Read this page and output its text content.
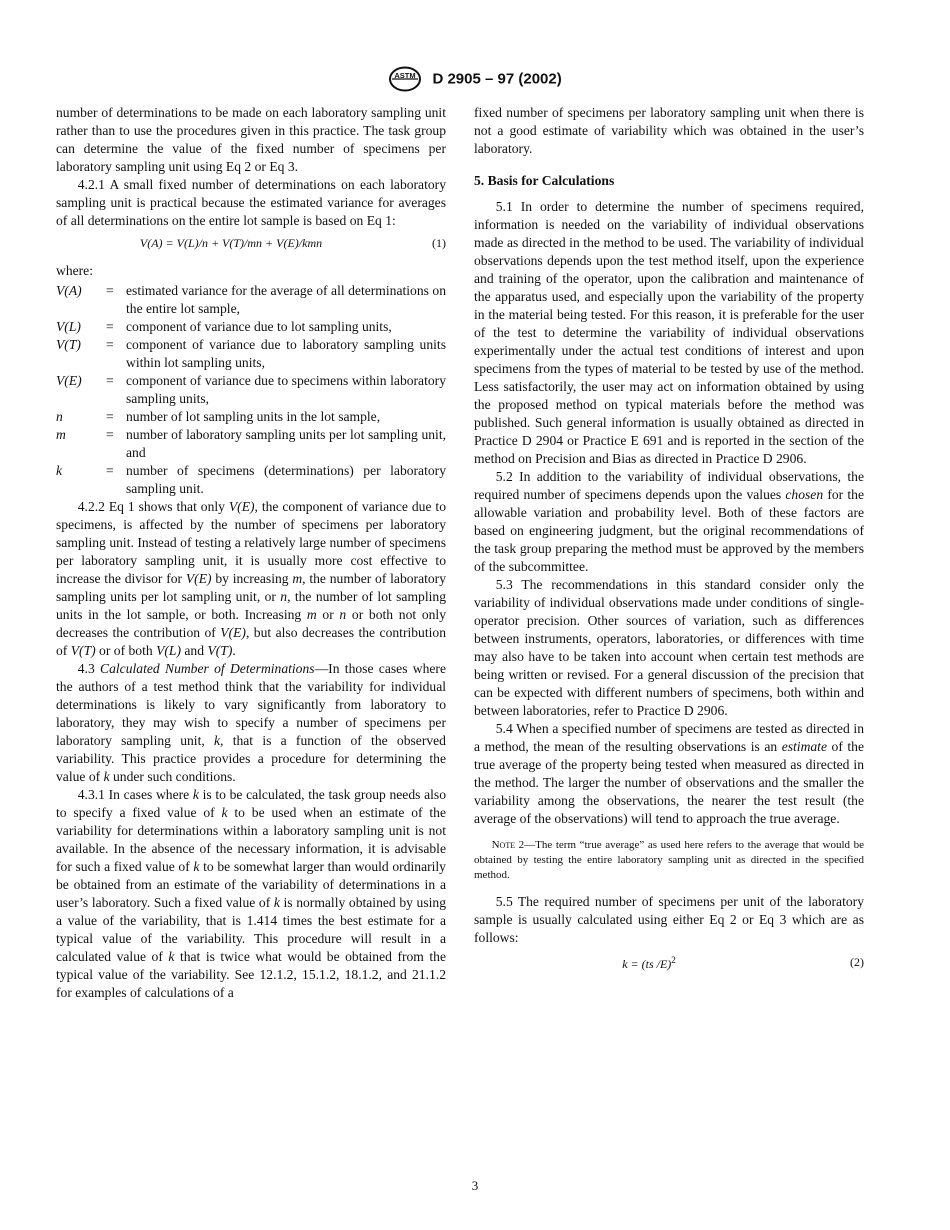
ASTM D 2905 – 97 (2002)

number of determinations to be made on each laboratory sampling unit rather than to use the procedures given in this practice. The task group can determine the value of the fixed number of specimens per laboratory sampling unit using Eq 2 or Eq 3.

4.2.1 A small fixed number of determinations on each laboratory sampling unit is practical because the estimated variance for averages of all determinations on the entire lot sample is based on Eq 1:

V(A) = V(L)/n + V(T)/mn + V(E)/kmn	(1)

where:

V(A)	=	estimated variance for the average of all determinations on the entire lot sample,
V(L)	=	component of variance due to lot sampling units,
V(T)	=	component of variance due to laboratory sampling units within lot sampling units,
V(E)	=	component of variance due to specimens within laboratory sampling units,
n	=	number of lot sampling units in the lot sample,
m	=	number of laboratory sampling units per lot sampling unit, and
k	=	number of specimens (determinations) per laboratory sampling unit.

4.2.2 Eq 1 shows that only V(E), the component of variance due to specimens, is affected by the number of specimens per laboratory sampling unit. Instead of testing a relatively large number of specimens per laboratory sampling unit, it is usually more cost effective to increase the divisor for V(E) by increasing m, the number of laboratory sampling units per lot sampling unit, or n, the number of lot sampling units in the lot sample, or both. Increasing m or n or both not only decreases the contribution of V(E), but also decreases the contribution of V(T) or of both V(L) and V(T).

4.3 Calculated Number of Determinations—In those cases where the authors of a test method think that the variability for individual determinations is likely to vary significantly from laboratory to laboratory, they may wish to specify a number of specimens per laboratory sampling unit, k, that is a function of the observed variability. This practice provides a procedure for determining the value of k under such conditions.

4.3.1 In cases where k is to be calculated, the task group needs also to specify a fixed value of k to be used when an estimate of the variability for determinations within a laboratory sampling unit is not available. In the absence of the necessary information, it is advisable for such a fixed value of k to be somewhat larger than would ordinarily be obtained from an estimate of the variability of determinations in a user’s laboratory. Such a fixed value of k is normally obtained by using a value of the variability, that is 1.414 times the best estimate for a typical value of the variability. This procedure will result in a calculated value of k that is twice what would be obtained from the typical value of the variability. See 12.1.2, 15.1.2, 18.1.2, and 21.1.2 for examples of calculations of a

fixed number of specimens per laboratory sampling unit when there is not a good estimate of variability which was obtained in the user’s laboratory.

5. Basis for Calculations

5.1 In order to determine the number of specimens required, information is needed on the variability of individual observations made as directed in the method to be used. The variability of individual observations depends upon the test method itself, upon the experience and training of the operator, upon the calibration and maintenance of the apparatus used, and especially upon the variability of the property in the material being tested. For this reason, it is preferable for the user of the test to determine the variability of individual observations experimentally under the actual test conditions of interest and upon specimens from the types of material to be tested by use of the method. Less satisfactorily, the user may act on information obtained by using the proposed method on typical materials before the method was published. Such general information is usually obtained as directed in Practice D 2904 or Practice E 691 and is reported in the section of the method on Precision and Bias as directed in Practice D 2906.

5.2 In addition to the variability of individual observations, the required number of specimens depends upon the values chosen for the allowable variation and probability level. Both of these factors are based on engineering judgment, but the original recommendations of the task group preparing the method must be approved by the members of the subcommittee.

5.3 The recommendations in this standard consider only the variability of individual observations made under conditions of single-operator precision. Other sources of variation, such as differences between instruments, operators, laboratories, or differences with time may also have to be taken into account when certain test methods are being written or revised. For a general discussion of the precision that can be expected with different numbers of specimens, both within and between laboratories, refer to Practice D 2906.

5.4 When a specified number of specimens are tested as directed in a method, the mean of the resulting observations is an estimate of the true average of the property being tested when measured as directed in the method. The larger the number of observations and the smaller the variability among the observations, the nearer the test result (the average of the observations) will tend to approach the true average.

Note 2—The term “true average” as used here refers to the average that would be obtained by testing the entire laboratory sampling unit as directed in the specified method.

5.5 The required number of specimens per unit of the laboratory sample is usually calculated using either Eq 2 or Eq 3 which are as follows:

k = (ts /E)$^2$	(2)
3
